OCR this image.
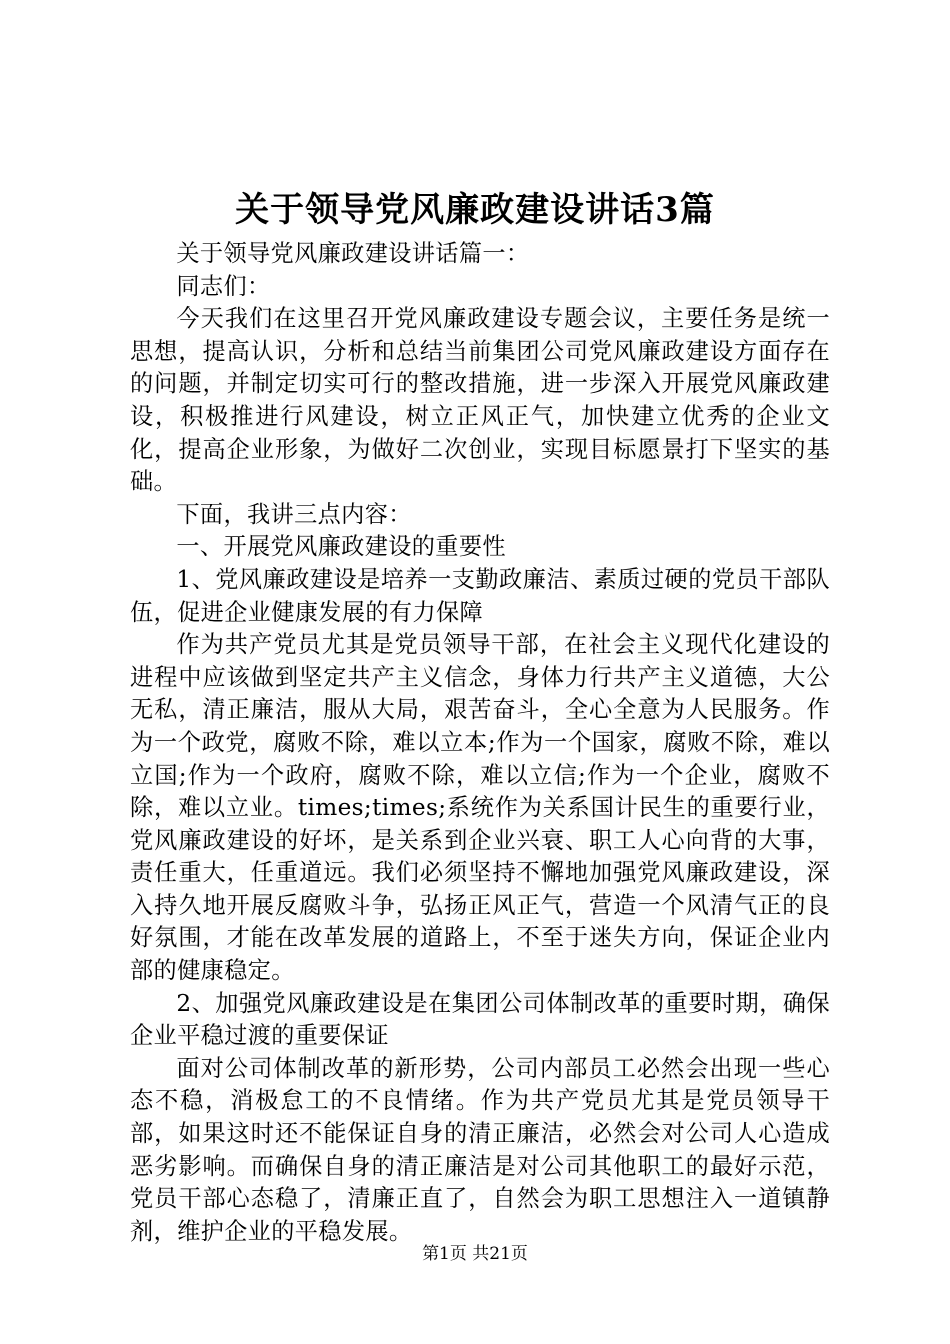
关于领导党风廉政建设讲话3篇

关于领导党风廉政建设讲话篇一：

同志们：

今天我们在这里召开党风廉政建设专题会议，主要任务是统一思想，提高认识，分析和总结当前集团公司党风廉政建设方面存在的问题，并制定切实可行的整改措施，进一步深入开展党风廉政建设，积极推进行风建设，树立正风正气，加快建立优秀的企业文化，提高企业形象，为做好二次创业，实现目标愿景打下坚实的基础。

下面，我讲三点内容：

一、开展党风廉政建设的重要性

1、党风廉政建设是培养一支勤政廉洁、素质过硬的党员干部队伍，促进企业健康发展的有力保障

作为共产党员尤其是党员领导干部，在社会主义现代化建设的进程中应该做到坚定共产主义信念，身体力行共产主义道德，大公无私，清正廉洁，服从大局，艰苦奋斗，全心全意为人民服务。作为一个政党，腐败不除，难以立本;作为一个国家，腐败不除，难以立国;作为一个政府，腐败不除，难以立信;作为一个企业，腐败不除，难以立业。times;times;系统作为关系国计民生的重要行业，党风廉政建设的好坏，是关系到企业兴衰、职工人心向背的大事，责任重大，任重道远。我们必须坚持不懈地加强党风廉政建设，深入持久地开展反腐败斗争，弘扬正风正气，营造一个风清气正的良好氛围，才能在改革发展的道路上，不至于迷失方向，保证企业内部的健康稳定。

2、加强党风廉政建设是在集团公司体制改革的重要时期，确保企业平稳过渡的重要保证

面对公司体制改革的新形势，公司内部员工必然会出现一些心态不稳，消极怠工的不良情绪。作为共产党员尤其是党员领导干部，如果这时还不能保证自身的清正廉洁，必然会对公司人心造成恶劣影响。而确保自身的清正廉洁是对公司其他职工的最好示范，党员干部心态稳了，清廉正直了，自然会为职工思想注入一道镇静剂，维护企业的平稳发展。

第1页 共21页
